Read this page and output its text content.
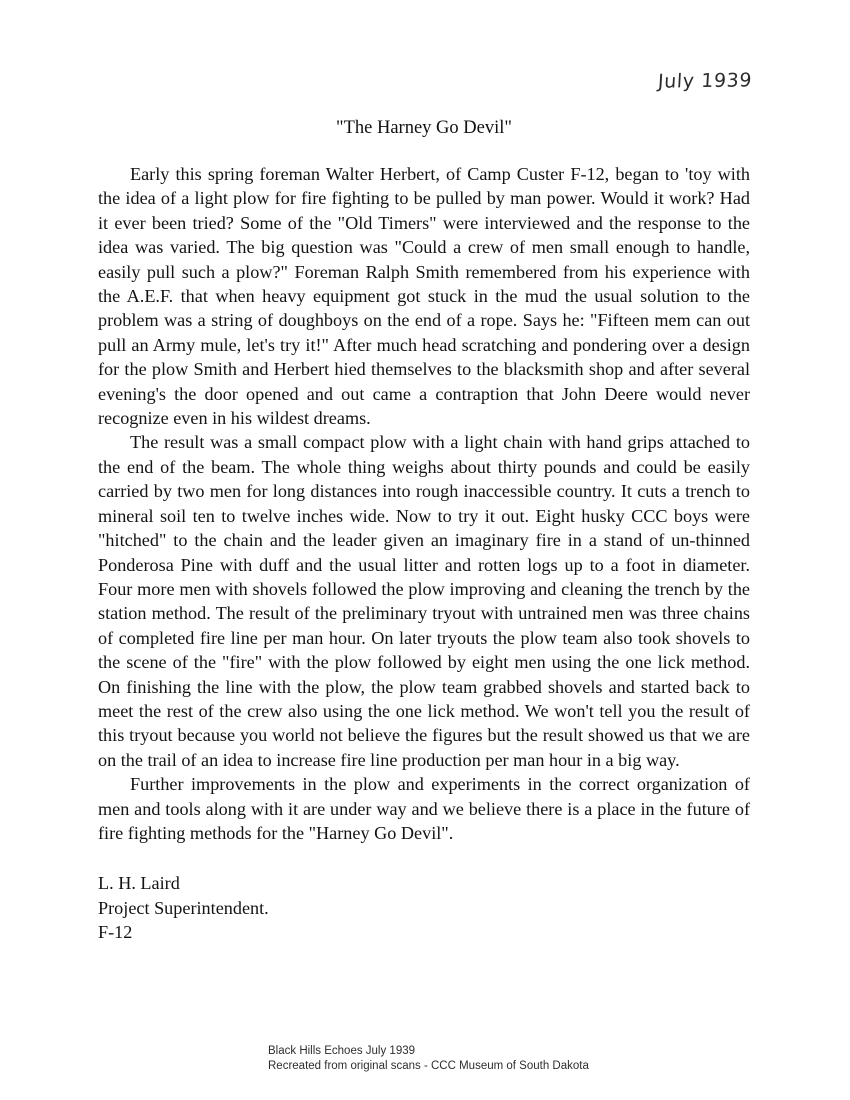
July 1939
"The Harney Go Devil"

Early this spring foreman Walter Herbert, of Camp Custer F-12, began to 'toy with the idea of a light plow for fire fighting to be pulled by man power. Would it work? Had it ever been tried? Some of the "Old Timers" were interviewed and the response to the idea was varied. The big question was "Could a crew of men small enough to handle, easily pull such a plow?" Foreman Ralph Smith remembered from his experience with the A.E.F. that when heavy equipment got stuck in the mud the usual solution to the problem was a string of doughboys on the end of a rope. Says he: "Fifteen mem can out pull an Army mule, let's try it!" After much head scratching and pondering over a design for the plow Smith and Herbert hied themselves to the blacksmith shop and after several evening's the door opened and out came a contraption that John Deere would never recognize even in his wildest dreams.

The result was a small compact plow with a light chain with hand grips attached to the end of the beam. The whole thing weighs about thirty pounds and could be easily carried by two men for long distances into rough inaccessible country. It cuts a trench to mineral soil ten to twelve inches wide. Now to try it out. Eight husky CCC boys were "hitched" to the chain and the leader given an imaginary fire in a stand of un-thinned Ponderosa Pine with duff and the usual litter and rotten logs up to a foot in diameter. Four more men with shovels followed the plow improving and cleaning the trench by the station method. The result of the preliminary tryout with untrained men was three chains of completed fire line per man hour. On later tryouts the plow team also took shovels to the scene of the "fire" with the plow followed by eight men using the one lick method. On finishing the line with the plow, the plow team grabbed shovels and started back to meet the rest of the crew also using the one lick method. We won't tell you the result of this tryout because you world not believe the figures but the result showed us that we are on the trail of an idea to increase fire line production per man hour in a big way.

Further improvements in the plow and experiments in the correct organization of men and tools along with it are under way and we believe there is a place in the future of fire fighting methods for the "Harney Go Devil".

L. H. Laird
Project Superintendent.
F-12
Black Hills Echoes July 1939
Recreated from original scans - CCC Museum of South Dakota
